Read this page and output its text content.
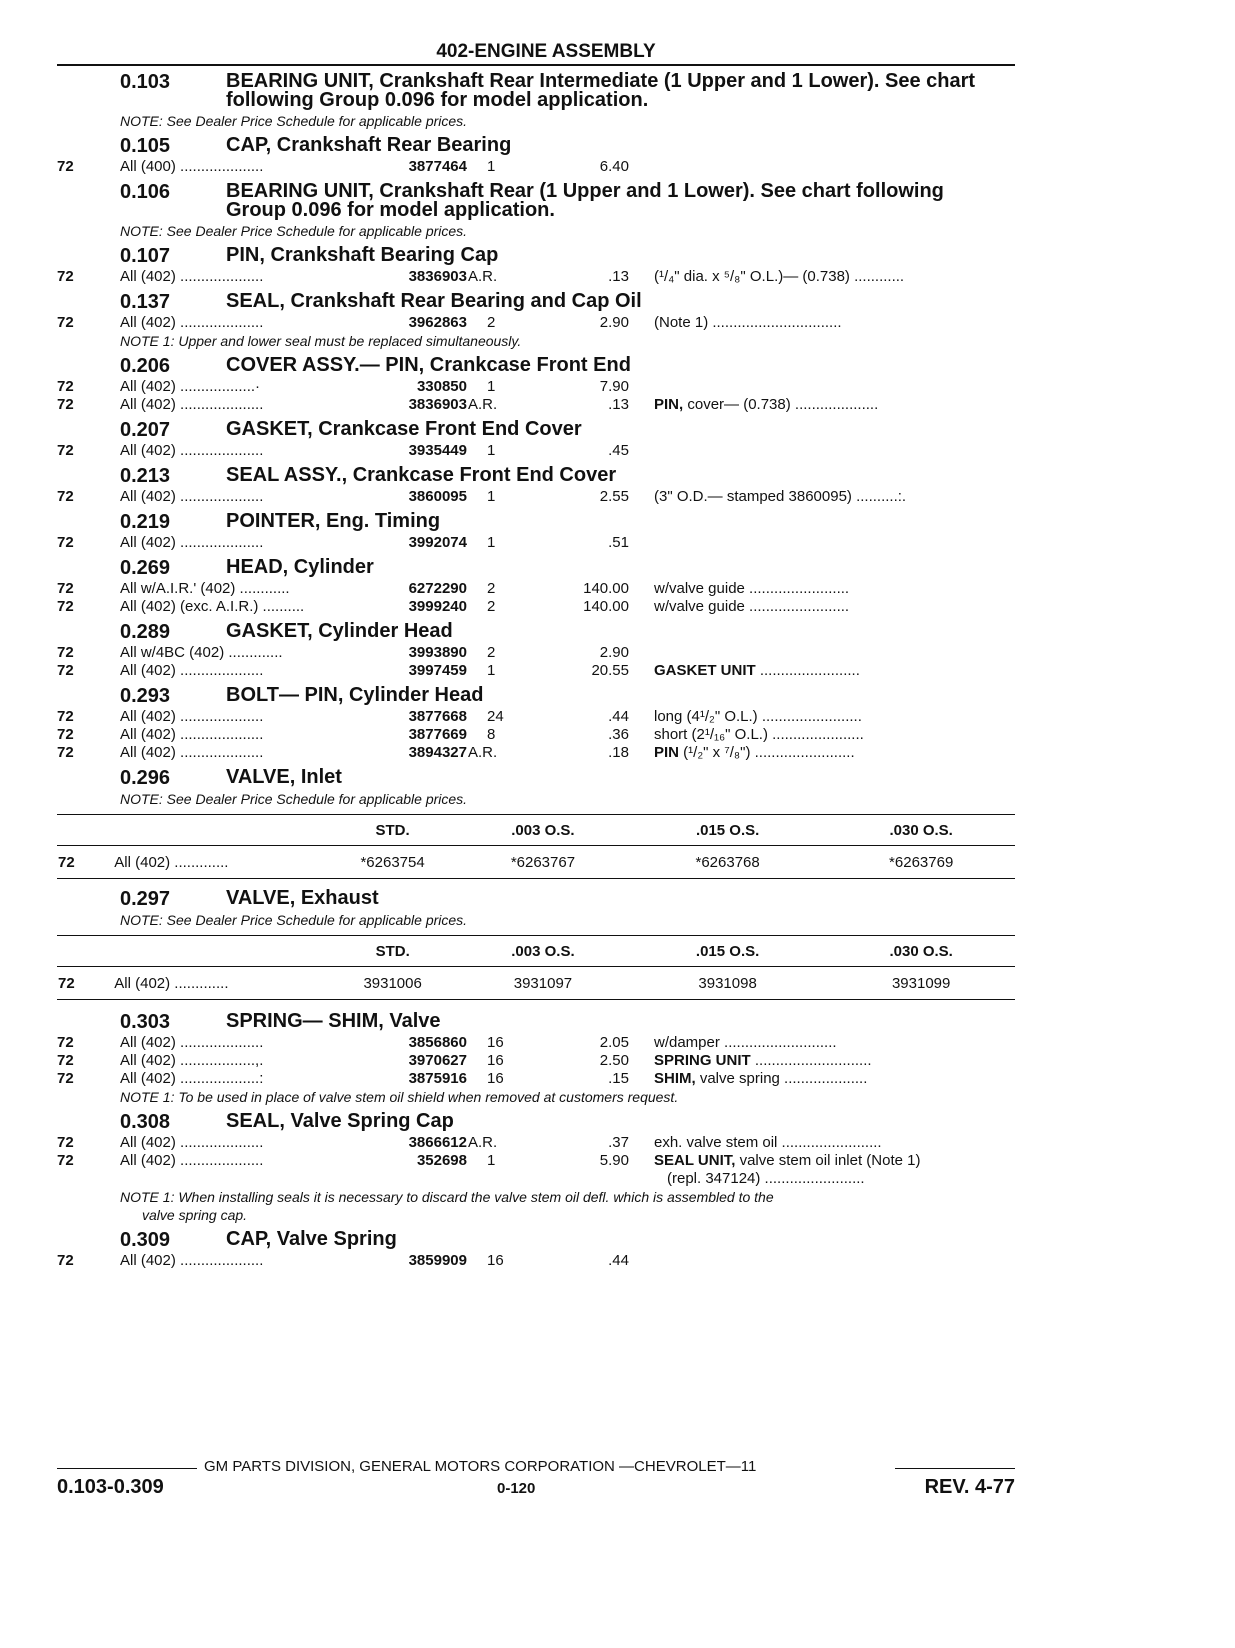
402-ENGINE ASSEMBLY
0.103	BEARING UNIT, Crankshaft Rear Intermediate (1 Upper and 1 Lower). See chart following Group 0.096 for model application.
NOTE: See Dealer Price Schedule for applicable prices.
0.105	CAP, Crankshaft Rear Bearing
72	All (400) ....................	3877464 1	6.40
0.106	BEARING UNIT, Crankshaft Rear (1 Upper and 1 Lower). See chart following Group 0.096 for model application.
NOTE: See Dealer Price Schedule for applicable prices.
0.107	PIN, Crankshaft Bearing Cap
72	All (402) ....................	3836903 A.R.	.13 (¹/₄" dia. x ⁵/₈" O.L.)— (0.738) ............
0.137	SEAL, Crankshaft Rear Bearing and Cap Oil
72	All (402) ....................	3962863 2	2.90 (Note 1) ...............................
NOTE 1: Upper and lower seal must be replaced simultaneously.
0.206	COVER ASSY.— PIN, Crankcase Front End
72	All (402) ..................·	330850 1	7.90
72	All (402) ....................	3836903 A.R.	.13 PIN, cover— (0.738) ....................
0.207	GASKET, Crankcase Front End Cover
72	All (402) ....................	3935449 1	.45
0.213	SEAL ASSY., Crankcase Front End Cover
72	All (402) ....................	3860095 1	2.55 (3" O.D.— stamped 3860095) ..........:.
0.219	POINTER, Eng. Timing
72	All (402) ....................	3992074 1	.51
0.269	HEAD, Cylinder
72	All w/A.I.R.' (402) ............	6272290 2	140.00 w/valve guide ........................
72	All (402) (exc. A.I.R.) ..........	3999240 2	140.00 w/valve guide ........................
0.289	GASKET, Cylinder Head
72	All w/4BC (402) .............	3993890 2	2.90
72	All (402) ....................	3997459 1	20.55 GASKET UNIT ........................
0.293	BOLT— PIN, Cylinder Head
72	All (402) ....................	3877668 24	.44 long (4¹/₂" O.L.) ........................
72	All (402) ....................	3877669 8	.36 short (2¹/₁₆" O.L.) ......................
72	All (402) ....................	3894327 A.R.	.18 PIN (¹/₂" x ⁷/₈") ........................
0.296	VALVE, Inlet
NOTE: See Dealer Price Schedule for applicable prices.
		STD.	.003 O.S.	.015 O.S.	.030 O.S.
72	All (402) .............	*6263754	*6263767	*6263768	*6263769
0.297	VALVE, Exhaust
NOTE: See Dealer Price Schedule for applicable prices.
		STD.	.003 O.S.	.015 O.S.	.030 O.S.
72	All (402) .............	3931006	3931097	3931098	3931099
0.303	SPRING— SHIM, Valve
72	All (402) ....................	3856860 16	2.05 w/damper ...........................
72	All (402) ..................,.	3970627 16	2.50 SPRING UNIT ............................
72	All (402) ...................:	3875916 16	.15 SHIM, valve spring ....................
NOTE 1: To be used in place of valve stem oil shield when removed at customers request.
0.308	SEAL, Valve Spring Cap
72	All (402) ....................	3866612 A.R.	.37 exh. valve stem oil ........................
72	All (402) ....................	352698 1	5.90 SEAL UNIT, valve stem oil inlet (Note 1)
(repl. 347124) ........................
NOTE 1: When installing seals it is necessary to discard the valve stem oil defl. which is assembled to the
valve spring cap.
0.309	CAP, Valve Spring
72	All (402) ....................	3859909 16	.44
GM PARTS DIVISION, GENERAL MOTORS CORPORATION —CHEVROLET—11
0.103-0.309	0-120	REV. 4-77
